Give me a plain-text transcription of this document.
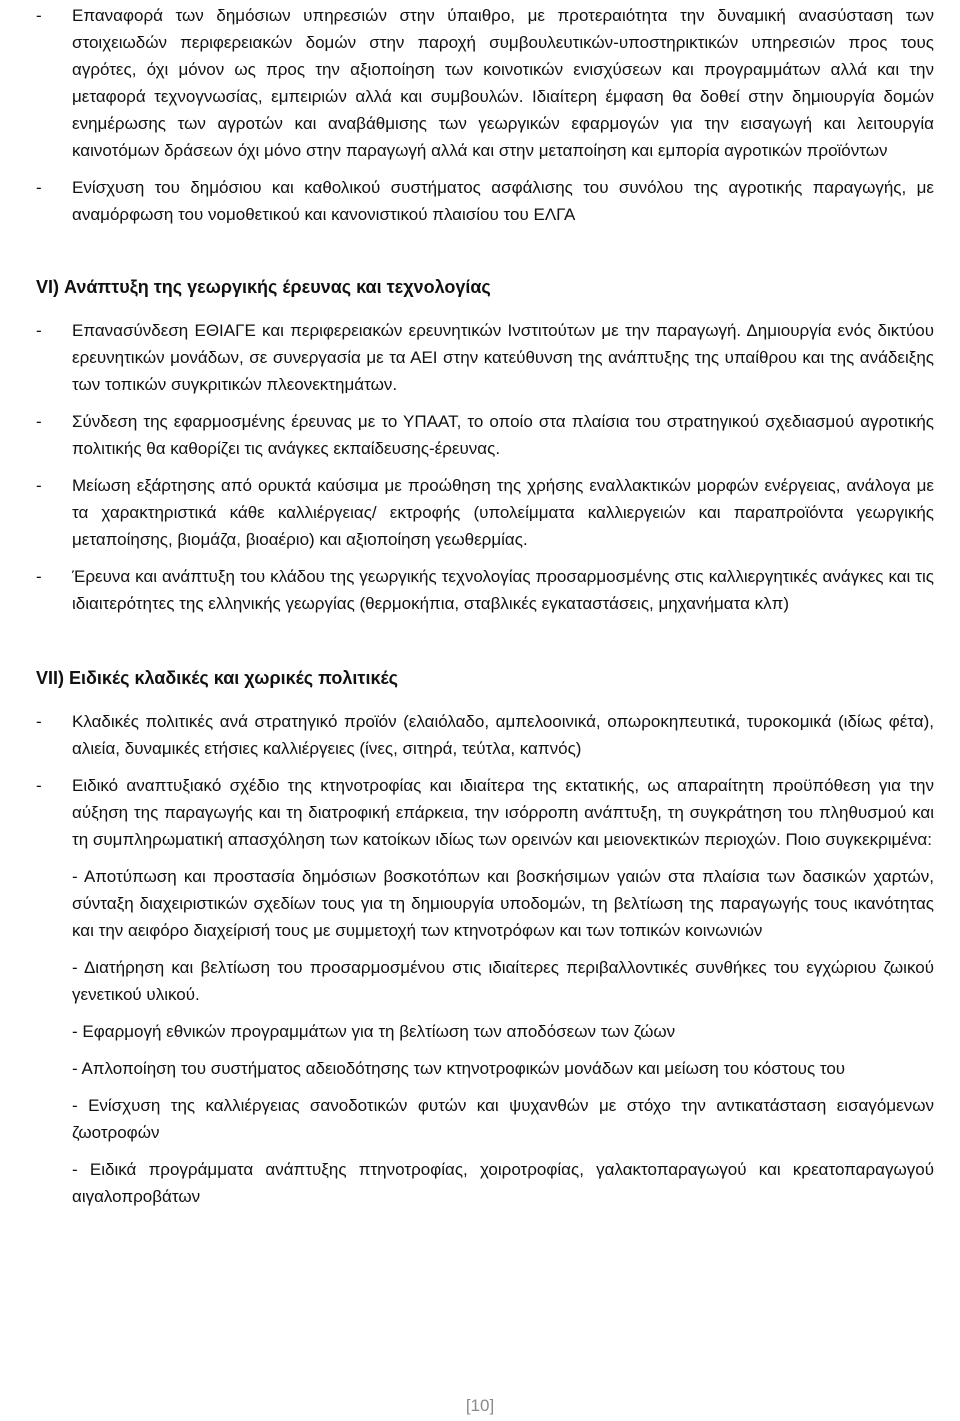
- Επαναφορά των δημόσιων υπηρεσιών στην ύπαιθρο, με προτεραιότητα την δυναμική ανασύσταση των στοιχειωδών περιφερειακών δομών στην παροχή συμβουλευτικών-υποστηρικτικών υπηρεσιών προς τους αγρότες, όχι μόνον ως προς την αξιοποίηση των κοινοτικών ενισχύσεων και προγραμμάτων αλλά και την μεταφορά τεχνογνωσίας, εμπειριών αλλά και συμβουλών. Ιδιαίτερη έμφαση θα δοθεί στην δημιουργία δομών ενημέρωσης των αγροτών και αναβάθμισης των γεωργικών εφαρμογών για την εισαγωγή και λειτουργία καινοτόμων δράσεων όχι μόνο στην παραγωγή αλλά και στην μεταποίηση και εμπορία αγροτικών προϊόντων
- Ενίσχυση του δημόσιου και καθολικού συστήματος ασφάλισης του συνόλου της αγροτικής παραγωγής, με αναμόρφωση του νομοθετικού και κανονιστικού πλαισίου του ΕΛΓΑ
VI) Ανάπτυξη της γεωργικής έρευνας και τεχνολογίας
- Επανασύνδεση ΕΘΙΑΓΕ και περιφερειακών ερευνητικών Ινστιτούτων με την παραγωγή. Δημιουργία ενός δικτύου ερευνητικών μονάδων, σε συνεργασία με τα ΑΕΙ στην κατεύθυνση της ανάπτυξης της υπαίθρου και της ανάδειξης των τοπικών συγκριτικών πλεονεκτημάτων.
- Σύνδεση της εφαρμοσμένης έρευνας με το ΥΠΑΑΤ, το οποίο στα πλαίσια του στρατηγικού σχεδιασμού αγροτικής πολιτικής θα καθορίζει τις ανάγκες εκπαίδευσης-έρευνας.
- Μείωση εξάρτησης από ορυκτά καύσιμα με προώθηση της χρήσης εναλλακτικών μορφών ενέργειας, ανάλογα με τα χαρακτηριστικά κάθε καλλιέργειας/ εκτροφής (υπολείμματα καλλιεργειών και παραπροϊόντα γεωργικής μεταποίησης, βιομάζα, βιοαέριο) και αξιοποίηση γεωθερμίας.
- Έρευνα και ανάπτυξη του κλάδου της γεωργικής τεχνολογίας προσαρμοσμένης στις καλλιεργητικές ανάγκες και τις ιδιαιτερότητες της ελληνικής γεωργίας (θερμοκήπια, σταβλικές εγκαταστάσεις, μηχανήματα κλπ)
VII) Ειδικές κλαδικές και χωρικές πολιτικές
- Κλαδικές πολιτικές ανά στρατηγικό προϊόν (ελαιόλαδο, αμπελοοινικά, οπωροκηπευτικά, τυροκομικά (ιδίως φέτα), αλιεία, δυναμικές ετήσιες καλλιέργειες (ίνες, σιτηρά, τεύτλα, καπνός)
- Ειδικό αναπτυξιακό σχέδιο της κτηνοτροφίας και ιδιαίτερα της εκτατικής, ως απαραίτητη προϋπόθεση για την αύξηση της παραγωγής και τη διατροφική επάρκεια, την ισόρροπη ανάπτυξη, τη συγκράτηση του πληθυσμού και τη συμπληρωματική απασχόληση των κατοίκων ιδίως των ορεινών και μειονεκτικών περιοχών. Ποιο συγκεκριμένα:
- Αποτύπωση και προστασία δημόσιων βοσκοτόπων και βοσκήσιμων γαιών στα πλαίσια των δασικών χαρτών, σύνταξη διαχειριστικών σχεδίων τους για τη δημιουργία υποδομών, τη βελτίωση της παραγωγής τους ικανότητας και την αειφόρο διαχείρισή τους με συμμετοχή των κτηνοτρόφων και των τοπικών κοινωνιών
- Διατήρηση και βελτίωση του προσαρμοσμένου στις ιδιαίτερες περιβαλλοντικές συνθήκες του εγχώριου ζωικού γενετικού υλικού.
- Εφαρμογή εθνικών προγραμμάτων για τη βελτίωση των αποδόσεων των ζώων
- Απλοποίηση του συστήματος αδειοδότησης των κτηνοτροφικών μονάδων και μείωση του κόστους του
- Ενίσχυση της καλλιέργειας σανοδοτικών φυτών και ψυχανθών με στόχο την αντικατάσταση εισαγόμενων ζωοτροφών
- Ειδικά προγράμματα ανάπτυξης πτηνοτροφίας, χοιροτροφίας, γαλακτοπαραγωγού και κρεατοπαραγωγού αιγαλοπροβάτων
[10]
